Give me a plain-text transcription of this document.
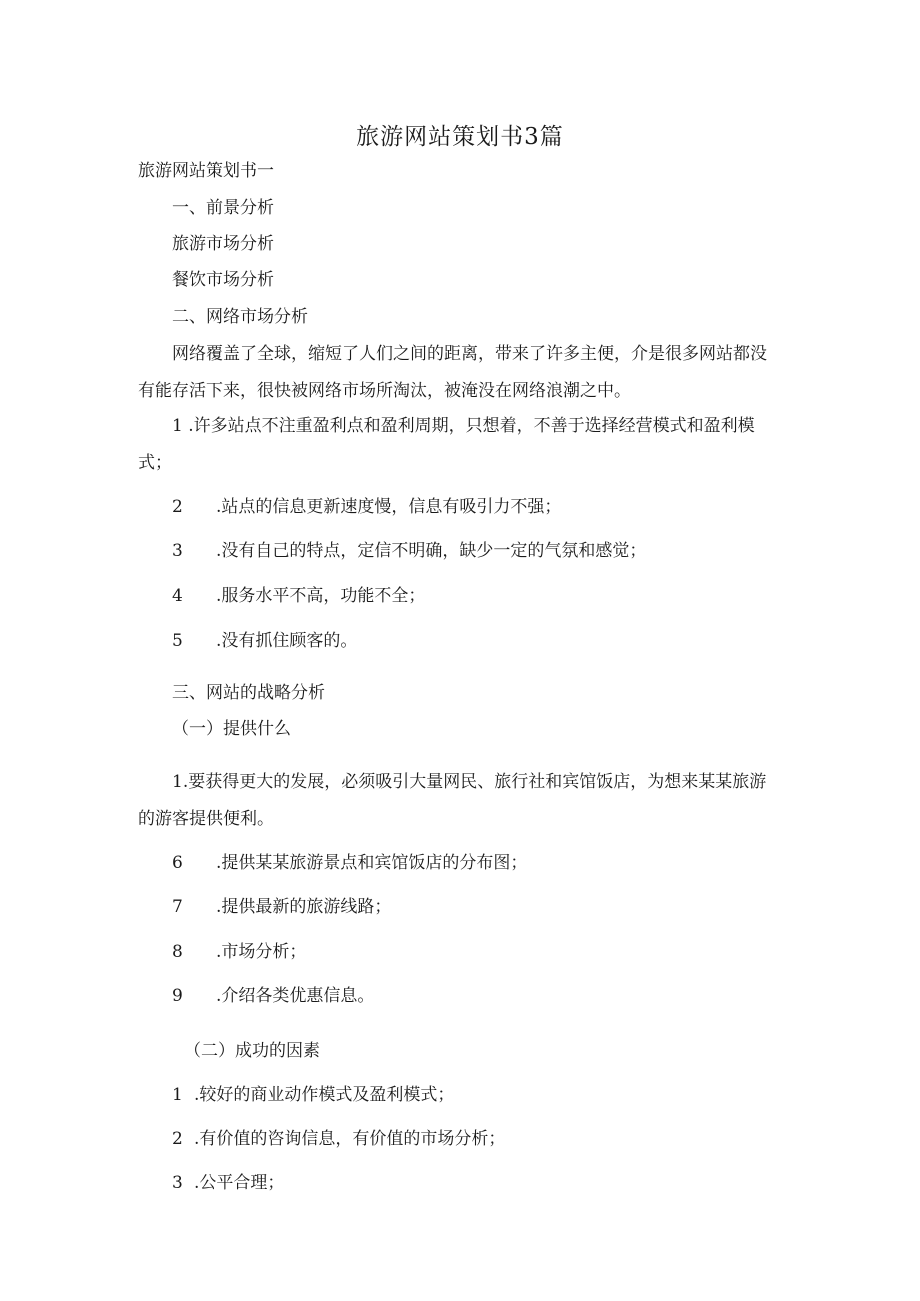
旅游网站策划书3篇
旅游网站策划书一
一、前景分析
旅游市场分析
餐饮市场分析
二、网络市场分析
网络覆盖了全球，缩短了人们之间的距离，带来了许多主便，介是很多网站都没有能存活下来，很快被网络市场所淘汰，被淹没在网络浪潮之中。
1 .许多站点不注重盈利点和盈利周期，只想着，不善于选择经营模式和盈利模式；
2 .站点的信息更新速度慢，信息有吸引力不强；
3 .没有自己的特点，定信不明确，缺少一定的气氛和感觉；
4 .服务水平不高，功能不全；
5 .没有抓住顾客的。
三、网站的战略分析
（一）提供什么
1.要获得更大的发展，必须吸引大量网民、旅行社和宾馆饭店，为想来某某旅游的游客提供便利。
6 .提供某某旅游景点和宾馆饭店的分布图；
7 .提供最新的旅游线路；
8 .市场分析；
9 .介绍各类优惠信息。
（二）成功的因素
1 .较好的商业动作模式及盈利模式；
2 .有价值的咨询信息，有价值的市场分析；
3 .公平合理；
